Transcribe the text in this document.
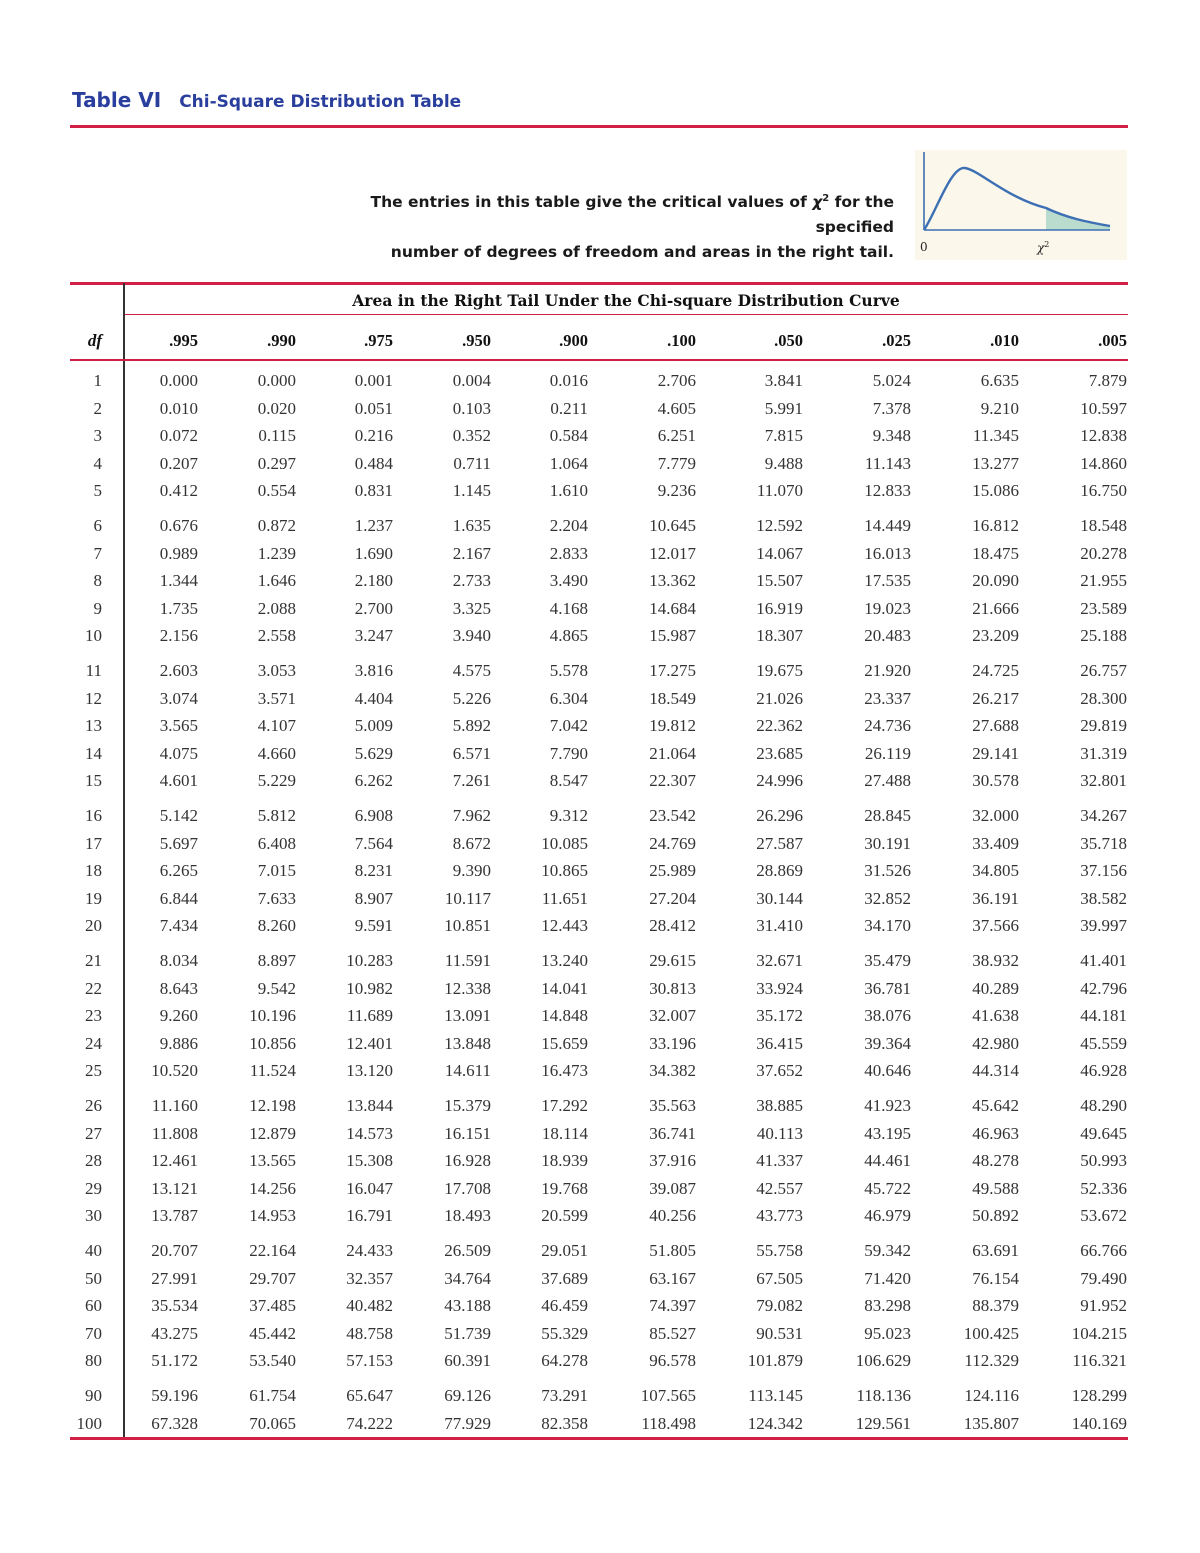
Table VI Chi-Square Distribution Table
The entries in this table give the critical values of $\chi^2$ for the specified
number of degrees of freedom and areas in the right tail. 0	$\chi^2$
Area in the Right Tail Under the Chi-square Distribution Curve
df	.995	.990	.975	.950	.900	.100	.050	.025	.010	.005
1	0.000	0.000	0.001	0.004	0.016	2.706	3.841	5.024	6.635	7.879
2	0.010	0.020	0.051	0.103	0.211	4.605	5.991	7.378	9.210	10.597
3	0.072	0.115	0.216	0.352	0.584	6.251	7.815	9.348	11.345	12.838
4	0.207	0.297	0.484	0.711	1.064	7.779	9.488	11.143	13.277	14.860
5	0.412	0.554	0.831	1.145	1.610	9.236	11.070	12.833	15.086	16.750
6	0.676	0.872	1.237	1.635	2.204	10.645	12.592	14.449	16.812	18.548
7	0.989	1.239	1.690	2.167	2.833	12.017	14.067	16.013	18.475	20.278
8	1.344	1.646	2.180	2.733	3.490	13.362	15.507	17.535	20.090	21.955
9	1.735	2.088	2.700	3.325	4.168	14.684	16.919	19.023	21.666	23.589
10	2.156	2.558	3.247	3.940	4.865	15.987	18.307	20.483	23.209	25.188
11	2.603	3.053	3.816	4.575	5.578	17.275	19.675	21.920	24.725	26.757
12	3.074	3.571	4.404	5.226	6.304	18.549	21.026	23.337	26.217	28.300
13	3.565	4.107	5.009	5.892	7.042	19.812	22.362	24.736	27.688	29.819
14	4.075	4.660	5.629	6.571	7.790	21.064	23.685	26.119	29.141	31.319
15	4.601	5.229	6.262	7.261	8.547	22.307	24.996	27.488	30.578	32.801
16	5.142	5.812	6.908	7.962	9.312	23.542	26.296	28.845	32.000	34.267
17	5.697	6.408	7.564	8.672	10.085	24.769	27.587	30.191	33.409	35.718
18	6.265	7.015	8.231	9.390	10.865	25.989	28.869	31.526	34.805	37.156
19	6.844	7.633	8.907	10.117	11.651	27.204	30.144	32.852	36.191	38.582
20	7.434	8.260	9.591	10.851	12.443	28.412	31.410	34.170	37.566	39.997
21	8.034	8.897	10.283	11.591	13.240	29.615	32.671	35.479	38.932	41.401
22	8.643	9.542	10.982	12.338	14.041	30.813	33.924	36.781	40.289	42.796
23	9.260	10.196	11.689	13.091	14.848	32.007	35.172	38.076	41.638	44.181
24	9.886	10.856	12.401	13.848	15.659	33.196	36.415	39.364	42.980	45.559
25	10.520	11.524	13.120	14.611	16.473	34.382	37.652	40.646	44.314	46.928
26	11.160	12.198	13.844	15.379	17.292	35.563	38.885	41.923	45.642	48.290
27	11.808	12.879	14.573	16.151	18.114	36.741	40.113	43.195	46.963	49.645
28	12.461	13.565	15.308	16.928	18.939	37.916	41.337	44.461	48.278	50.993
29	13.121	14.256	16.047	17.708	19.768	39.087	42.557	45.722	49.588	52.336
30	13.787	14.953	16.791	18.493	20.599	40.256	43.773	46.979	50.892	53.672
40	20.707	22.164	24.433	26.509	29.051	51.805	55.758	59.342	63.691	66.766
50	27.991	29.707	32.357	34.764	37.689	63.167	67.505	71.420	76.154	79.490
60	35.534	37.485	40.482	43.188	46.459	74.397	79.082	83.298	88.379	91.952
70	43.275	45.442	48.758	51.739	55.329	85.527	90.531	95.023	100.425	104.215
80	51.172	53.540	57.153	60.391	64.278	96.578	101.879	106.629	112.329	116.321
90	59.196	61.754	65.647	69.126	73.291	107.565	113.145	118.136	124.116	128.299
100	67.328	70.065	74.222	77.929	82.358	118.498	124.342	129.561	135.807	140.169
